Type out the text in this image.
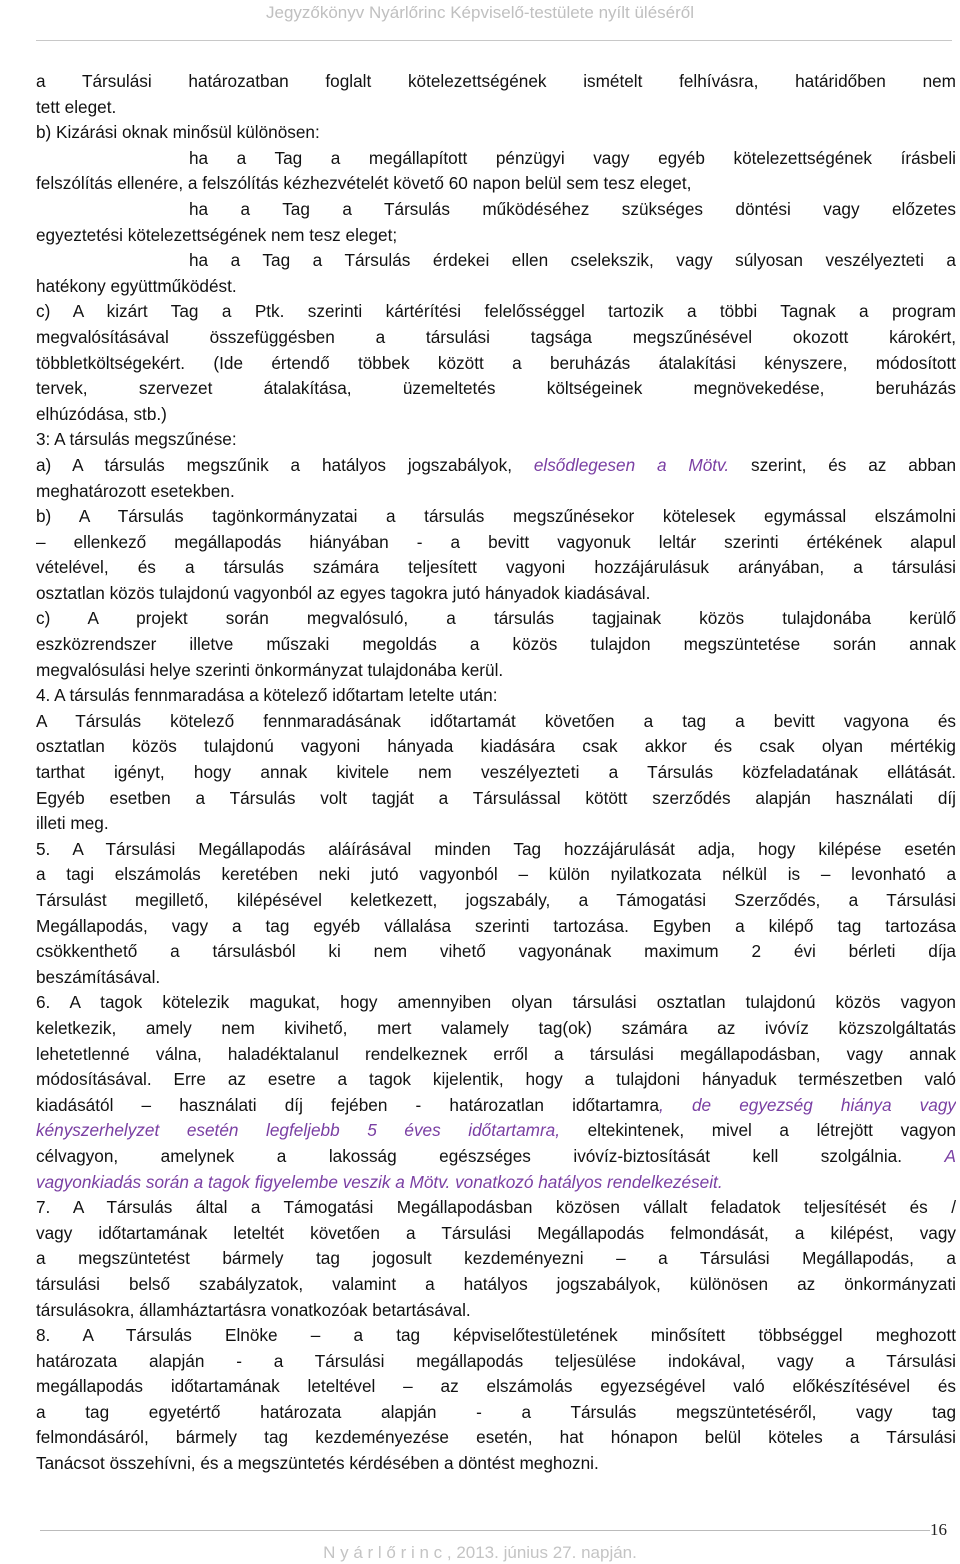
Jegyzőkönyv Nyárlőrinc Képviselő-testülete nyílt üléséről
a Társulási határozatban foglalt kötelezettségének ismételt felhívásra, határidőben nem
tett eleget.
b) Kizárási oknak minősül különösen:
ha a Tag a megállapított pénzügyi vagy egyéb kötelezettségének írásbeli
felszólítás ellenére, a felszólítás kézhezvételét követő 60 napon belül sem tesz eleget,
ha a Tag a Társulás működéséhez szükséges döntési vagy előzetes
egyeztetési kötelezettségének nem tesz eleget;
ha a Tag a Társulás érdekei ellen cselekszik, vagy súlyosan veszélyezteti a
hatékony együttműködést.
c) A kizárt Tag a Ptk. szerinti kártérítési felelősséggel tartozik a többi Tagnak a program
megvalósításával összefüggésben a társulási tagsága megszűnésével okozott károkért,
többletköltségekért. (Ide értendő többek között a beruházás átalakítási kényszere, módosított
tervek, szervezet átalakítása, üzemeltetés költségeinek megnövekedése, beruházás
elhúzódása, stb.)
3: A társulás megszűnése:
a) A társulás megszűnik a hatályos jogszabályok, elsődlegesen a Mötv. szerint, és az abban
meghatározott esetekben.
b) A Társulás tagönkormányzatai a társulás megszűnésekor kötelesek egymással elszámolni
– ellenkező megállapodás hiányában - a bevitt vagyonuk leltár szerinti értékének alapul
vételével, és a társulás számára teljesített vagyoni hozzájárulásuk arányában, a társulási
osztatlan közös tulajdonú vagyonból az egyes tagokra jutó hányadok kiadásával.
c) A projekt során megvalósuló, a társulás tagjainak közös tulajdonába kerülő
eszközrendszer illetve műszaki megoldás a közös tulajdon megszüntetése során annak
megvalósulási helye szerinti önkormányzat tulajdonába kerül.
4. A társulás fennmaradása a kötelező időtartam letelte után:
A Társulás kötelező fennmaradásának időtartamát követően a tag a bevitt vagyona és
osztatlan közös tulajdonú vagyoni hányada kiadására csak akkor és csak olyan mértékig
tarthat igényt, hogy annak kivitele nem veszélyezteti a Társulás közfeladatának ellátását.
Egyéb esetben a Társulás volt tagját a Társulással kötött szerződés alapján használati díj
illeti meg.
5. A Társulási Megállapodás aláírásával minden Tag hozzájárulását adja, hogy kilépése esetén
a tagi elszámolás keretében neki jutó vagyonból – külön nyilatkozata nélkül is – levonható a
Társulást megillető, kilépésével keletkezett, jogszabály, a Támogatási Szerződés, a Társulási
Megállapodás, vagy a tag egyéb vállalása szerinti tartozása. Egyben a kilépő tag tartozása
csökkenthető a társulásból ki nem vihető vagyonának maximum 2 évi bérleti díja
beszámításával.
6. A tagok kötelezik magukat, hogy amennyiben olyan társulási osztatlan tulajdonú közös vagyon
keletkezik, amely nem kivihető, mert valamely tag(ok) számára az ivóvíz közszolgáltatás
lehetetlenné válna, haladéktalanul rendelkeznek erről a társulási megállapodásban, vagy annak
módosításával. Erre az esetre a tagok kijelentik, hogy a tulajdoni hányaduk természetben való
kiadásától – használati díj fejében - határozatlan időtartamra, de egyezség hiánya vagy
kényszerhelyzet esetén legfeljebb 5 éves időtartamra, eltekintenek, mivel a létrejött vagyon
célvagyon, amelynek a lakosság egészséges ivóvíz-biztosítását kell szolgálnia. A
vagyonkiadás során a tagok figyelembe veszik a Mötv. vonatkozó hatályos rendelkezéseit.
7. A Társulás által a Támogatási Megállapodásban közösen vállalt feladatok teljesítését és /
vagy időtartamának leteltét követően a Társulási Megállapodás felmondását, a kilépést, vagy
a megszüntetést bármely tag jogosult kezdeményezni – a Társulási Megállapodás, a
társulási belső szabályzatok, valamint a hatályos jogszabályok, különösen az önkormányzati
társulásokra, államháztartásra vonatkozóak betartásával.
8. A Társulás Elnöke – a tag képviselőtestületének minősített többséggel meghozott
határozata alapján - a Társulási megállapodás teljesülése indokával, vagy a Társulási
megállapodás időtartamának leteltével – az elszámolás egyezségével való előkészítésével és
a tag egyetértő határozata alapján - a Társulás megszüntetéséről, vagy tag
felmondásáról, bármely tag kezdeményezése esetén, hat hónapon belül köteles a Társulási
Tanácsot összehívni, és a megszüntetés kérdésében a döntést meghozni.
16
N y á r l ő r i n c , 2013. június 27. napján.
